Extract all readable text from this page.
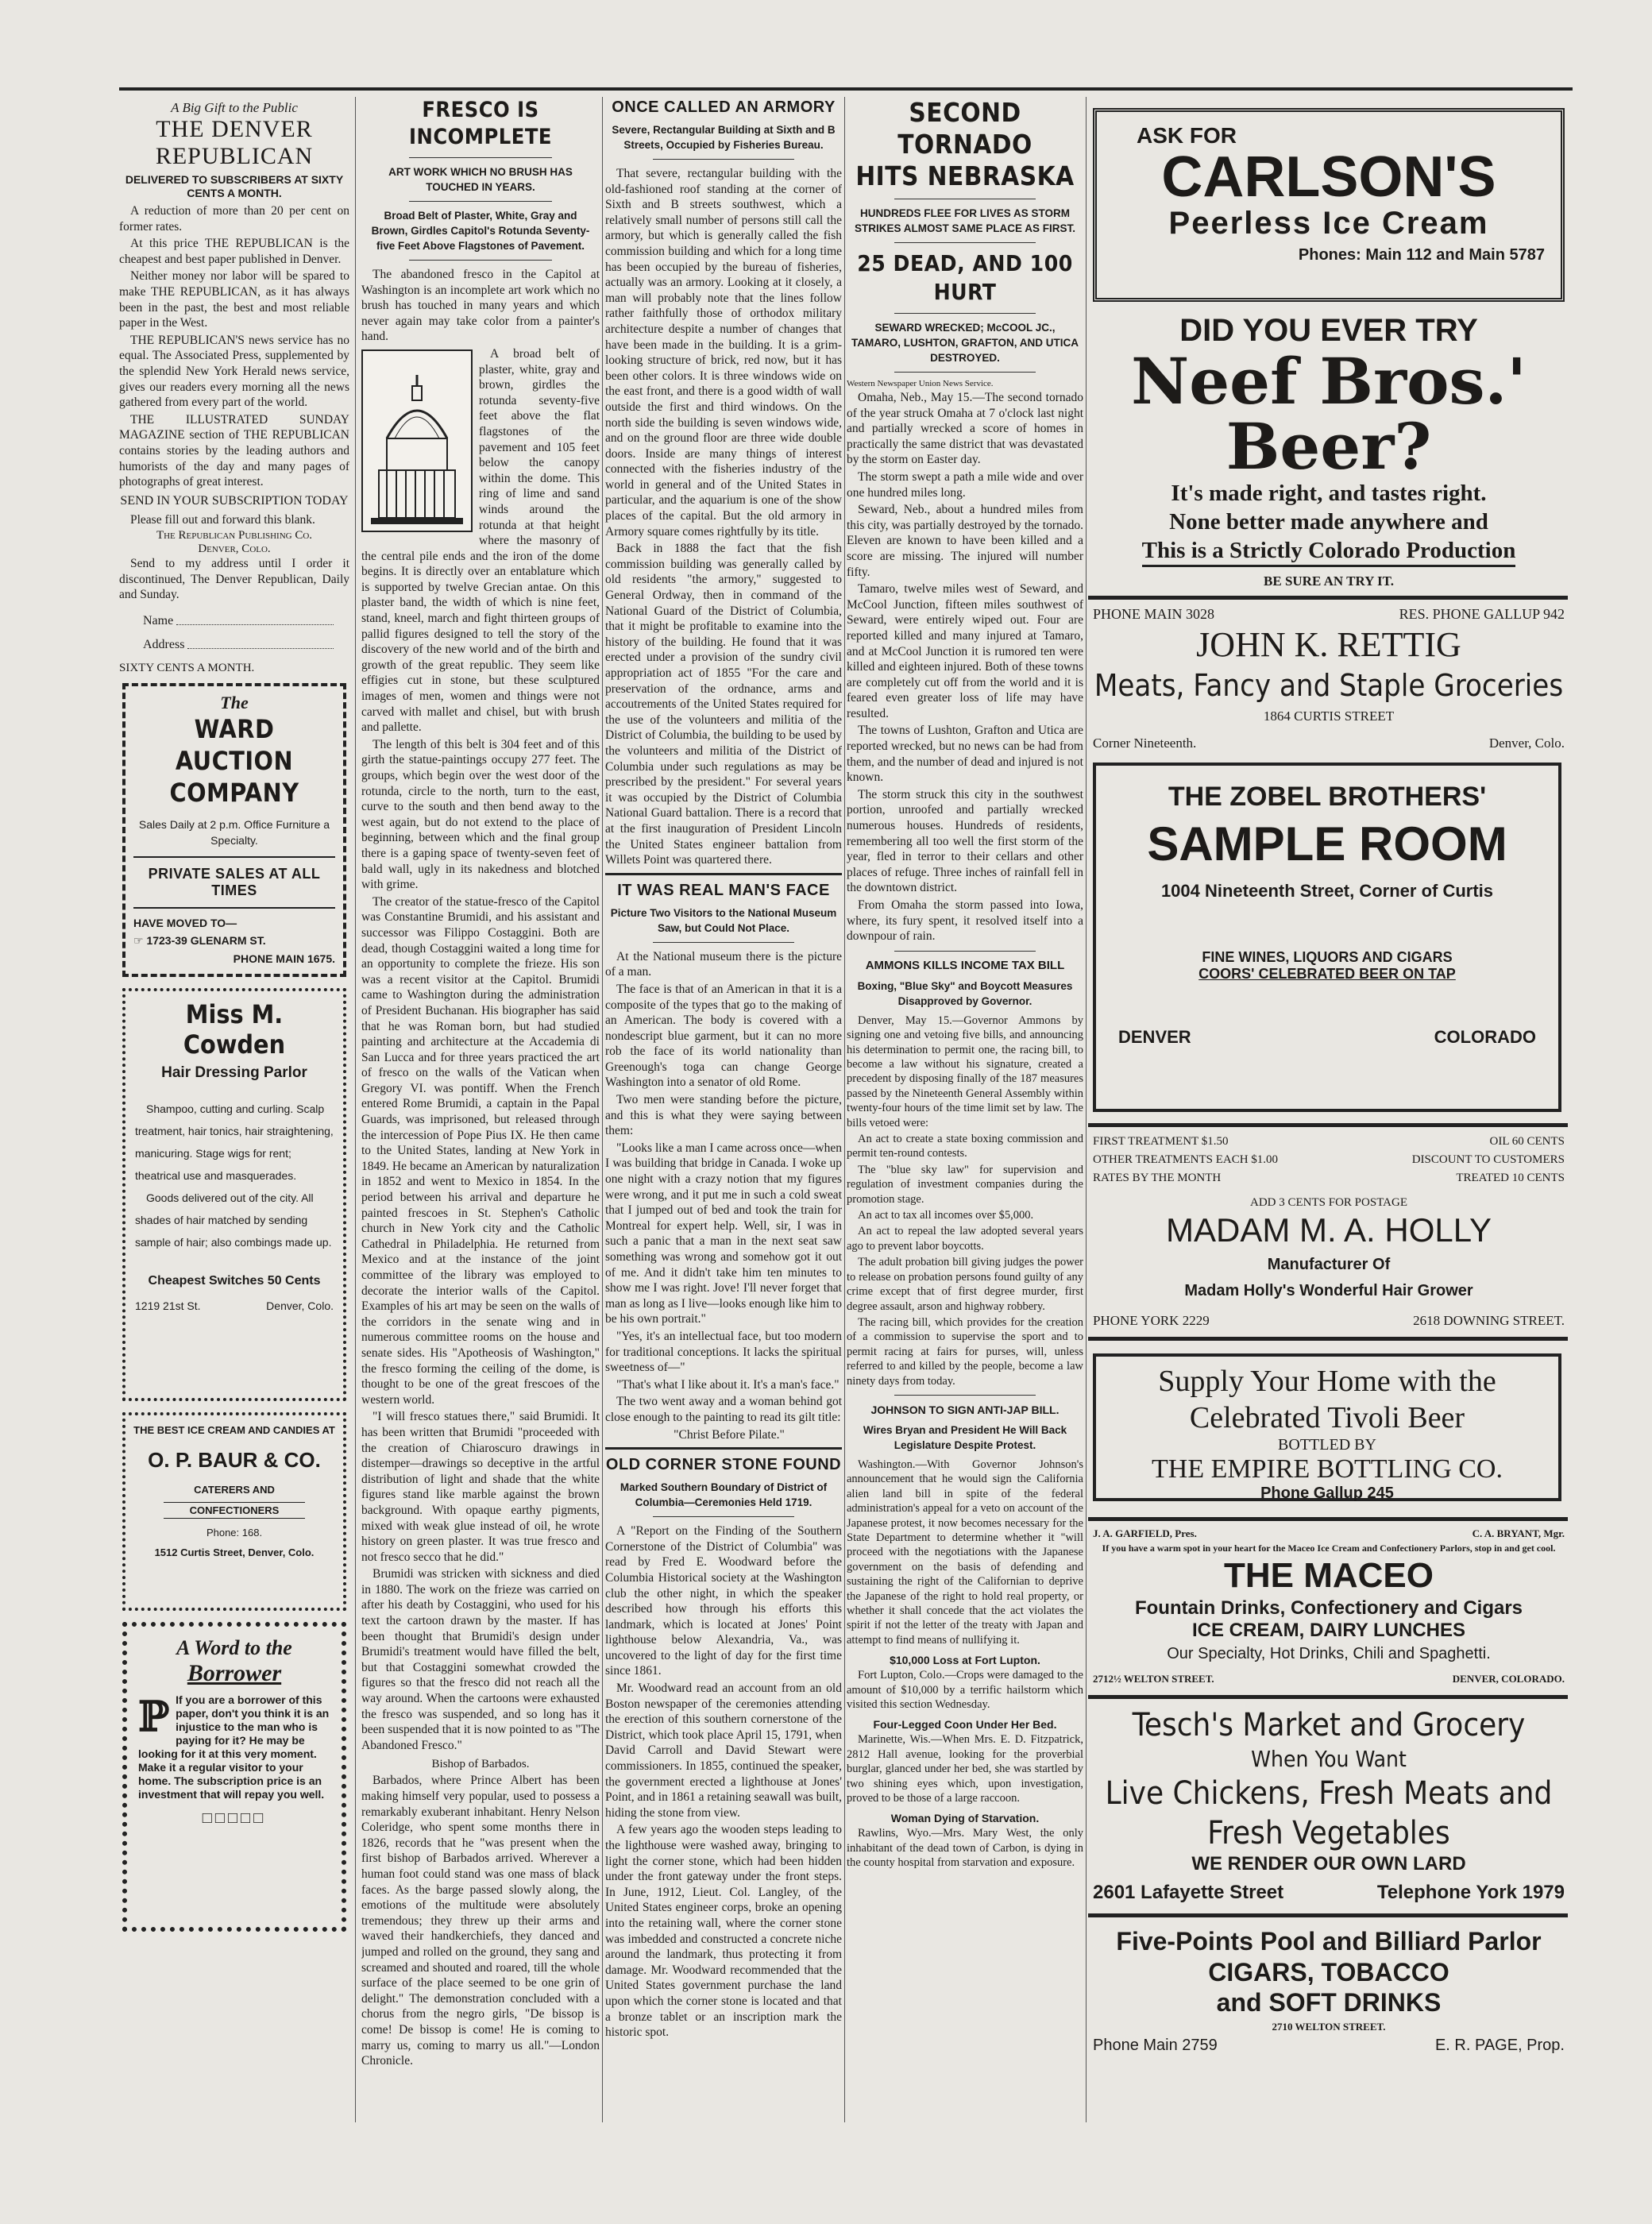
A Big Gift to the Public
THE DENVER REPUBLICAN
DELIVERED TO SUBSCRIBERS AT SIXTY CENTS A MONTH.
A reduction of more than 20 per cent on former rates.
At this price THE REPUBLICAN is the cheapest and best paper published in Denver.
Neither money nor labor will be spared to make THE REPUBLICAN, as it has always been in the past, the best and most reliable paper in the West.
THE REPUBLICAN'S news service has no equal. The Associated Press, supplemented by the splendid New York Herald news service, gives our readers every morning all the news gathered from every part of the world.
THE ILLUSTRATED SUNDAY MAGAZINE section of THE REPUBLICAN contains stories by the leading authors and humorists of the day and many pages of photographs of great interest.
SEND IN YOUR SUBSCRIPTION TODAY
Please fill out and forward this blank.
The Republican Publishing Co.
Denver, Colo.
Send to my address until I order it discontinued, The Denver Republican, Daily and Sunday.
Name
Address
SIXTY CENTS A MONTH.
The
WARD AUCTION COMPANY
Sales Daily at 2 p.m. Office Furniture a Specialty.
PRIVATE SALES AT ALL TIMES
HAVE MOVED TO—
☞ 1723-39 GLENARM ST.
PHONE MAIN 1675.
Miss M. Cowden
Hair Dressing Parlor
Shampoo, cutting and curling. Scalp treatment, hair tonics, hair straightening, manicuring. Stage wigs for rent; theatrical use and masquerades.
Goods delivered out of the city. All shades of hair matched by sending sample of hair; also combings made up.
Cheapest Switches 50 Cents
1219 21st St.	Denver, Colo.
THE BEST ICE CREAM AND CANDIES AT
O. P. BAUR & CO.
CATERERS AND
CONFECTIONERS
Phone: 168.
1512 Curtis Street, Denver, Colo.
A Word to the
Borrower
ℙ If you are a borrower of this paper, don't you think it is an injustice to the man who is paying for it? He may be looking for it at this very moment. Make it a regular visitor to your home. The subscription price is an investment that will repay you well.
□□□□□
FRESCO IS INCOMPLETE
ART WORK WHICH NO BRUSH HAS TOUCHED IN YEARS.
Broad Belt of Plaster, White, Gray and Brown, Girdles Capitol's Rotunda Seventy-five Feet Above Flagstones of Pavement.
The abandoned fresco in the Capitol at Washington is an incomplete art work which no brush has touched in many years and which never again may take color from a painter's hand.
A broad belt of plaster, white, gray and brown, girdles the rotunda seventy-five feet above the flat flagstones of the pavement and 105 feet below the canopy within the dome. This ring of lime and sand winds around the rotunda at that height where the masonry of the central pile ends and the iron of the dome begins. It is directly over an entablature which is supported by twelve Grecian antae. On this plaster band, the width of which is nine feet, stand, kneel, march and fight thirteen groups of pallid figures designed to tell the story of the discovery of the new world and of the birth and growth of the great republic. They seem like effigies cut in stone, but these sculptured images of men, women and things were not carved with mallet and chisel, but with brush and pallette.
The length of this belt is 304 feet and of this girth the statue-paintings occupy 277 feet. The groups, which begin over the west door of the rotunda, circle to the north, turn to the east, curve to the south and then bend away to the west again, but do not extend to the place of beginning, between which and the final group there is a gaping space of twenty-seven feet of bald wall, ugly in its nakedness and blotched with grime.
The creator of the statue-fresco of the Capitol was Constantine Brumidi, and his assistant and successor was Filippo Costaggini. Both are dead, though Costaggini waited a long time for an opportunity to complete the frieze. His son was a recent visitor at the Capitol. Brumidi came to Washington during the administration of President Buchanan. His biographer has said that he was Roman born, but had studied painting and architecture at the Accademia di San Lucca and for three years practiced the art of fresco on the walls of the Vatican when Gregory VI. was pontiff. When the French entered Rome Brumidi, a captain in the Papal Guards, was imprisoned, but released through the intercession of Pope Pius IX. He then came to the United States, landing at New York in 1849. He became an American by naturalization in 1852 and went to Mexico in 1854. In the period between his arrival and departure he painted frescoes in St. Stephen's Catholic church in New York city and the Catholic Cathedral in Philadelphia. He returned from Mexico and at the instance of the joint committee of the library was employed to decorate the interior walls of the Capitol. Examples of his art may be seen on the walls of the corridors in the senate wing and in numerous committee rooms on the house and senate sides. His "Apotheosis of Washington," the fresco forming the ceiling of the dome, is thought to be one of the great frescoes of the western world.
"I will fresco statues there," said Brumidi. It has been written that Brumidi "proceeded with the creation of Chiaroscuro drawings in distemper—drawings so deceptive in the artful distribution of light and shade that the white figures stand like marble against the brown background. With opaque earthy pigments, mixed with weak glue instead of oil, he wrote history on green plaster. It was true fresco and not fresco secco that he did."
Brumidi was stricken with sickness and died in 1880. The work on the frieze was carried on after his death by Costaggini, who used for his text the cartoon drawn by the master. If has been thought that Brumidi's design under Brumidi's treatment would have filled the belt, but that Costaggini somewhat crowded the figures so that the fresco did not reach all the way around. When the cartoons were exhausted the fresco was suspended, and so long has it been suspended that it is now pointed to as "The Abandoned Fresco."
Bishop of Barbados.
Barbados, where Prince Albert has been making himself very popular, used to possess a remarkably exuberant inhabitant. Henry Nelson Coleridge, who spent some months there in 1826, records that he "was present when the first bishop of Barbados arrived. Wherever a human foot could stand was one mass of black faces. As the barge passed slowly along, the emotions of the multitude were absolutely tremendous; they threw up their arms and waved their handkerchiefs, they danced and jumped and rolled on the ground, they sang and screamed and shouted and roared, till the whole surface of the place seemed to be one grin of delight." The demonstration concluded with a chorus from the negro girls, "De bissop is come! De bissop is come! He is coming to marry us, coming to marry us all."—London Chronicle.
ONCE CALLED AN ARMORY
Severe, Rectangular Building at Sixth and B Streets, Occupied by Fisheries Bureau.
That severe, rectangular building with the old-fashioned roof standing at the corner of Sixth and B streets southwest, which a relatively small number of persons still call the armory, but which is generally called the fish commission building and which for a long time has been occupied by the bureau of fisheries, actually was an armory. Looking at it closely, a man will probably note that the lines follow rather faithfully those of orthodox military architecture despite a number of changes that have been made in the building. It is a grim-looking structure of brick, red now, but it has been other colors. It is three windows wide on the east front, and there is a good width of wall outside the first and third windows. On the north side the building is seven windows wide, and on the ground floor are three wide double doors. Inside are many things of interest connected with the fisheries industry of the world in general and of the United States in particular, and the aquarium is one of the show places of the capital. But the old armory in Armory square comes rightfully by its title.
Back in 1888 the fact that the fish commission building was generally called by old residents "the armory," suggested to General Ordway, then in command of the National Guard of the District of Columbia, that it might be profitable to examine into the history of the building. He found that it was erected under a provision of the sundry civil appropriation act of 1855 "For the care and preservation of the ordnance, arms and accoutrements of the United States required for the use of the volunteers and militia of the District of Columbia, the building to be used by the volunteers and militia of the District of Columbia under such regulations as may be prescribed by the president." For several years it was occupied by the District of Columbia National Guard battalion. There is a record that at the first inauguration of President Lincoln the United States engineer battalion from Willets Point was quartered there.
IT WAS REAL MAN'S FACE
Picture Two Visitors to the National Museum Saw, but Could Not Place.
At the National museum there is the picture of a man.
The face is that of an American in that it is a composite of the types that go to the making of an American. The body is covered with a nondescript blue garment, but it can no more rob the face of its world nationality than Greenough's toga can change George Washington into a senator of old Rome.
Two men were standing before the picture, and this is what they were saying between them:
"Looks like a man I came across once—when I was building that bridge in Canada. I woke up one night with a crazy notion that my figures were wrong, and it put me in such a cold sweat that I jumped out of bed and took the train for Montreal for expert help. Well, sir, I was in such a panic that a man in the next seat saw something was wrong and somehow got it out of me. And it didn't take him ten minutes to show me I was right. Jove! I'll never forget that man as long as I live—looks enough like him to be his own portrait."
"Yes, it's an intellectual face, but too modern for traditional conceptions. It lacks the spiritual sweetness of—"
"That's what I like about it. It's a man's face."
The two went away and a woman behind got close enough to the painting to read its gilt title:
"Christ Before Pilate."
OLD CORNER STONE FOUND
Marked Southern Boundary of District of Columbia—Ceremonies Held 1719.
A "Report on the Finding of the Southern Cornerstone of the District of Columbia" was read by Fred E. Woodward before the Columbia Historical society at the Washington club the other night, in which the speaker described how through his efforts this landmark, which is located at Jones' Point lighthouse below Alexandria, Va., was uncovered to the light of day for the first time since 1861.
Mr. Woodward read an account from an old Boston newspaper of the ceremonies attending the erection of this southern cornerstone of the District, which took place April 15, 1791, when David Carroll and David Stewart were commissioners. In 1855, continued the speaker, the government erected a lighthouse at Jones' Point, and in 1861 a retaining seawall was built, hiding the stone from view.
A few years ago the wooden steps leading to the lighthouse were washed away, bringing to light the corner stone, which had been hidden under the front gateway under the front steps. In June, 1912, Lieut. Col. Langley, of the United States engineer corps, broke an opening into the retaining wall, where the corner stone was imbedded and constructed a concrete niche around the landmark, thus protecting it from damage. Mr. Woodward recommended that the United States government purchase the land upon which the corner stone is located and that a bronze tablet or an inscription mark the historic spot.
SECOND TORNADO
HITS NEBRASKA
HUNDREDS FLEE FOR LIVES AS STORM STRIKES ALMOST SAME PLACE AS FIRST.
25 DEAD, AND 100 HURT
SEWARD WRECKED; McCOOL JC., TAMARO, LUSHTON, GRAFTON, AND UTICA DESTROYED.
Western Newspaper Union News Service.
Omaha, Neb., May 15.—The second tornado of the year struck Omaha at 7 o'clock last night and partially wrecked a score of homes in practically the same district that was devastated by the storm on Easter day.
The storm swept a path a mile wide and over one hundred miles long.
Seward, Neb., about a hundred miles from this city, was partially destroyed by the tornado. Eleven are known to have been killed and a score are missing. The injured will number fifty.
Tamaro, twelve miles west of Seward, and McCool Junction, fifteen miles southwest of Seward, were entirely wiped out. Four are reported killed and many injured at Tamaro, and at McCool Junction it is rumored ten were killed and eighteen injured. Both of these towns are completely cut off from the world and it is feared even greater loss of life may have resulted.
The towns of Lushton, Grafton and Utica are reported wrecked, but no news can be had from them, and the number of dead and injured is not known.
The storm struck this city in the southwest portion, unroofed and partially wrecked numerous houses. Hundreds of residents, remembering all too well the first storm of the year, fled in terror to their cellars and other places of refuge. Three inches of rainfall fell in the downtown district.
From Omaha the storm passed into Iowa, where, its fury spent, it resolved itself into a downpour of rain.
AMMONS KILLS INCOME TAX BILL
Boxing, "Blue Sky" and Boycott Measures Disapproved by Governor.
Denver, May 15.—Governor Ammons by signing one and vetoing five bills, and announcing his determination to permit one, the racing bill, to become a law without his signature, created a precedent by disposing finally of the 187 measures passed by the Nineteenth General Assembly within twenty-four hours of the time limit set by law. The bills vetoed were:
An act to create a state boxing commission and permit ten-round contests.
The "blue sky law" for supervision and regulation of investment companies during the promotion stage.
An act to tax all incomes over $5,000.
An act to repeal the law adopted several years ago to prevent labor boycotts.
The adult probation bill giving judges the power to release on probation persons found guilty of any crime except that of first degree murder, first degree assault, arson and highway robbery.
The racing bill, which provides for the creation of a commission to supervise the sport and to permit racing at fairs for purses, will, unless referred to and killed by the people, become a law ninety days from today.
JOHNSON TO SIGN ANTI-JAP BILL.
Wires Bryan and President He Will Back Legislature Despite Protest.
Washington.—With Governor Johnson's announcement that he would sign the California alien land bill in spite of the federal administration's appeal for a veto on account of the Japanese protest, it now becomes necessary for the State Department to determine whether it "will proceed with the negotiations with the Japanese government on the basis of defending and sustaining the right of the Californian to deprive the Japanese of the right to hold real property, or whether it shall concede that the act violates the spirit if not the letter of the treaty with Japan and attempt to find means of nullifying it.
$10,000 Loss at Fort Lupton.
Fort Lupton, Colo.—Crops were damaged to the amount of $10,000 by a terrific hailstorm which visited this section Wednesday.
Four-Legged Coon Under Her Bed.
Marinette, Wis.—When Mrs. E. D. Fitzpatrick, 2812 Hall avenue, looking for the proverbial burglar, glanced under her bed, she was startled by two shining eyes which, upon investigation, proved to be those of a large raccoon.
Woman Dying of Starvation.
Rawlins, Wyo.—Mrs. Mary West, the only inhabitant of the dead town of Carbon, is dying in the county hospital from starvation and exposure.
ASK FOR
CARLSON'S
Peerless Ice Cream
Phones: Main 112 and Main 5787
DID YOU EVER TRY
Neef Bros.' Beer?
It's made right, and tastes right.
None better made anywhere and
This is a Strictly Colorado Production
BE SURE AN TRY IT.
PHONE MAIN 3028	RES. PHONE GALLUP 942
JOHN K. RETTIG
Meats, Fancy and Staple Groceries
1864 CURTIS STREET
Corner Nineteenth.	Denver, Colo.
THE ZOBEL BROTHERS'
SAMPLE ROOM
1004 Nineteenth Street, Corner of Curtis
FINE WINES, LIQUORS AND CIGARS
COORS' CELEBRATED BEER ON TAP
DENVER	COLORADO
FIRST TREATMENT $1.50	OIL 60 CENTS
OTHER TREATMENTS EACH $1.00	DISCOUNT TO CUSTOMERS
RATES BY THE MONTH	TREATED 10 CENTS
ADD 3 CENTS FOR POSTAGE
MADAM M. A. HOLLY
Manufacturer Of
Madam Holly's Wonderful Hair Grower
PHONE YORK 2229	2618 DOWNING STREET.
Supply Your Home with the
Celebrated Tivoli Beer
BOTTLED BY
THE EMPIRE BOTTLING CO.
Phone Gallup 245
J. A. GARFIELD, Pres.	C. A. BRYANT, Mgr.
If you have a warm spot in your heart for the Maceo Ice Cream and Confectionery Parlors, stop in and get cool.
THE MACEO
Fountain Drinks, Confectionery and Cigars
ICE CREAM, DAIRY LUNCHES
Our Specialty, Hot Drinks, Chili and Spaghetti.
2712½ WELTON STREET.	DENVER, COLORADO.
Tesch's Market and Grocery
When You Want
Live Chickens, Fresh Meats and
Fresh Vegetables
WE RENDER OUR OWN LARD
2601 Lafayette Street	Telephone York 1979
Five-Points Pool and Billiard Parlor
CIGARS, TOBACCO
and SOFT DRINKS
2710 WELTON STREET.
Phone Main 2759	E. R. PAGE, Prop.
